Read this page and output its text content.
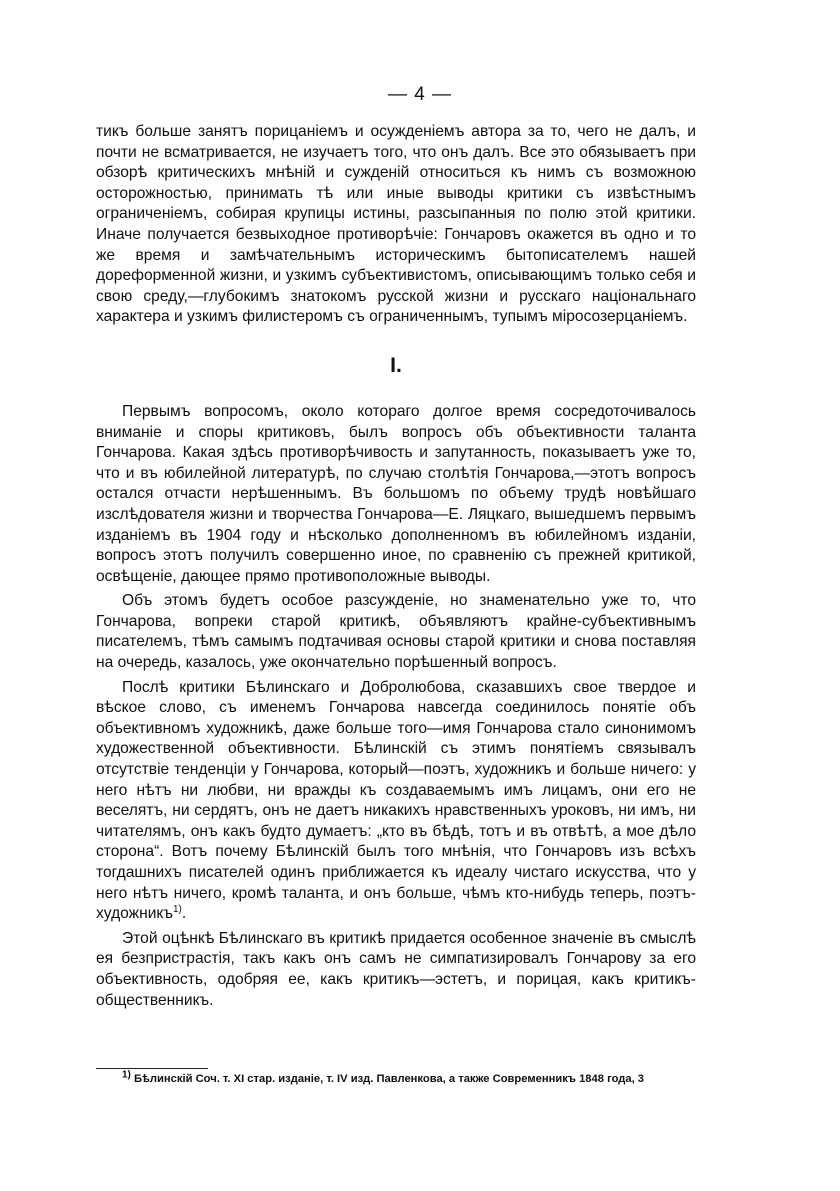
— 4 —

тикъ больше занятъ порицаніемъ и осужденіемъ автора за то, чего не далъ, и почти не всматривается, не изучаетъ того, что онъ далъ. Все это обязываетъ при обзорѣ критическихъ мнѣній и сужденій относиться къ нимъ съ возможною осторожностью, принимать тѣ или иные выводы критики съ извѣстнымъ ограниченіемъ, собирая крупицы истины, разсыпанныя по полю этой критики. Иначе получается безвыходное противорѣчіе: Гончаровъ окажется въ одно и то же время и замѣчательнымъ историческимъ бытописателемъ нашей дореформенной жизни, и узкимъ субъективистомъ, описывающимъ только себя и свою среду,—глубокимъ знатокомъ русской жизни и русскаго національнаго характера и узкимъ филистеромъ съ ограниченнымъ, тупымъ міросозерцаніемъ.

I.

Первымъ вопросомъ, около котораго долгое время сосредоточивалось вниманіе и споры критиковъ, былъ вопросъ объ объективности таланта Гончарова. Какая здѣсь противорѣчивость и запутанность, показываетъ уже то, что и въ юбилейной литературѣ, по случаю столѣтія Гончарова,—этотъ вопросъ остался отчасти нерѣшеннымъ. Въ большомъ по объему трудѣ новѣйшаго изслѣдователя жизни и творчества Гончарова—Е. Ляцкаго, вышедшемъ первымъ изданіемъ въ 1904 году и нѣсколько дополненномъ въ юбилейномъ изданіи, вопросъ этотъ получилъ совершенно иное, по сравненію съ прежней критикой, освѣщеніе, дающее прямо противоположные выводы.

Объ этомъ будетъ особое разсужденіе, но знаменательно уже то, что Гончарова, вопреки старой критикѣ, объявляютъ крайне-субъективнымъ писателемъ, тѣмъ самымъ подтачивая основы старой критики и снова поставляя на очередь, казалось, уже окончательно порѣшенный вопросъ.

Послѣ критики Бѣлинскаго и Добролюбова, сказавшихъ свое твердое и вѣское слово, съ именемъ Гончарова навсегда соединилось понятіе объ объективномъ художникѣ, даже больше того—имя Гончарова стало синонимомъ художественной объективности. Бѣлинскій съ этимъ понятіемъ связывалъ отсутствіе тенденціи у Гончарова, который—поэтъ, художникъ и больше ничего: у него нѣтъ ни любви, ни вражды къ создаваемымъ имъ лицамъ, они его не веселятъ, ни сердятъ, онъ не даетъ никакихъ нравственныхъ уроковъ, ни имъ, ни читателямъ, онъ какъ будто думаетъ: „кто въ бѣдѣ, тотъ и въ отвѣтѣ, а мое дѣло сторона“. Вотъ почему Бѣлинскій былъ того мнѣнія, что Гончаровъ изъ всѣхъ тогдашнихъ писателей одинъ приближается къ идеалу чистаго искусства, что у него нѣтъ ничего, кромѣ таланта, и онъ больше, чѣмъ кто-нибудь теперь, поэтъ-художникъ$^{1)}$.

Этой оцѣнкѣ Бѣлинскаго въ критикѣ придается особенное значеніе въ смыслѣ ея безпристрастія, такъ какъ онъ самъ не симпатизировалъ Гончарову за его объективность, одобряя ее, какъ критикъ—эстетъ, и порицая, какъ критикъ-общественникъ.

$^{1)}$ Бѣлинскій Соч. т. XI стар. изданіе, т. IV изд. Павленкова, а также Современникъ 1848 года, 3
